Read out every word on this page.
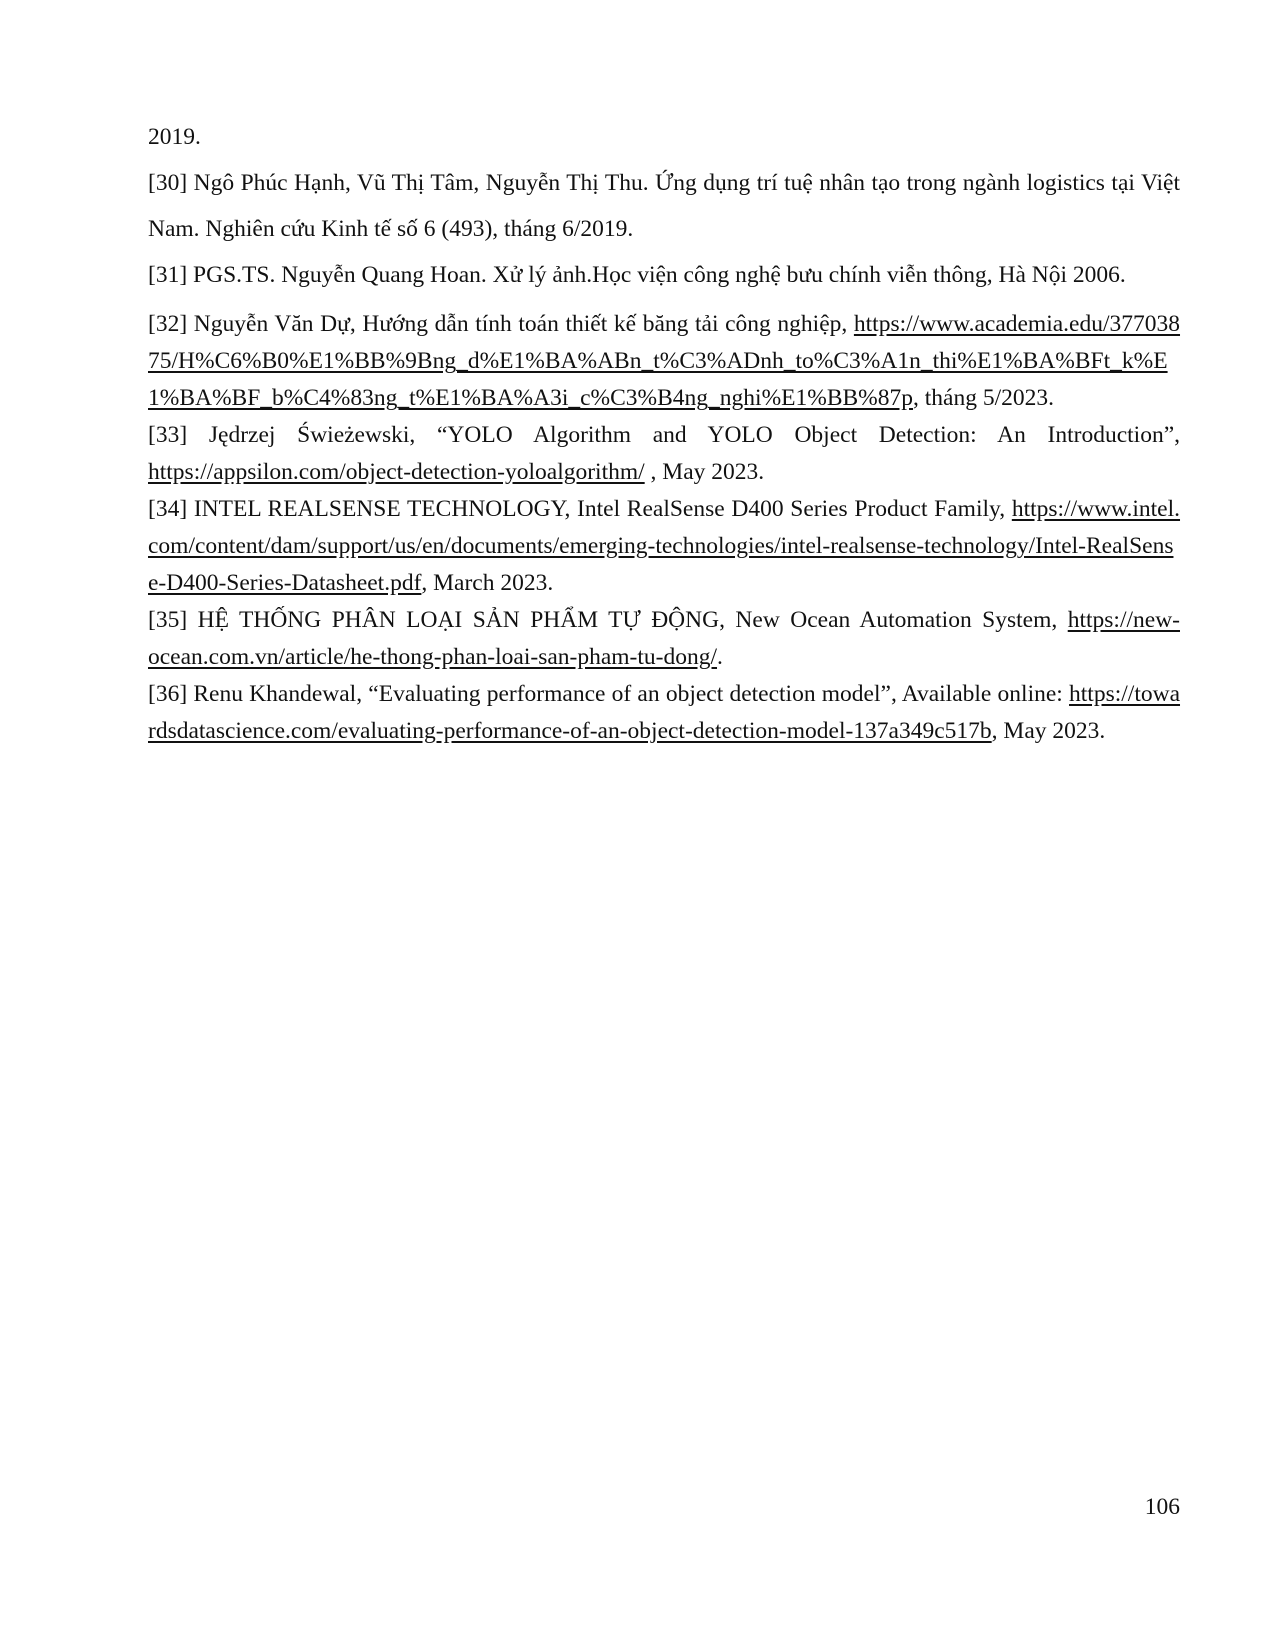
2019.

[30] Ngô Phúc Hạnh, Vũ Thị Tâm, Nguyễn Thị Thu. Ứng dụng trí tuệ nhân tạo trong ngành logistics tại Việt Nam. Nghiên cứu Kinh tế số 6 (493), tháng 6/2019.

[31] PGS.TS. Nguyễn Quang Hoan. Xử lý ảnh.Học viện công nghệ bưu chính viễn thông, Hà Nội 2006.

[32] Nguyễn Văn Dự, Hướng dẫn tính toán thiết kế băng tải công nghiệp, https://www.academia.edu/37703875/H%C6%B0%E1%BB%9Bng_d%E1%BA%ABn_t%C3%ADnh_to%C3%A1n_thi%E1%BA%BFt_k%E1%BA%BF_b%C4%83ng_t%E1%BA%A3i_c%C3%B4ng_nghi%E1%BB%87p, tháng 5/2023.

[33] Jędrzej Świeżewski, “YOLO Algorithm and YOLO Object Detection: An Introduction”, https://appsilon.com/object-detection-yoloalgorithm/ , May 2023.

[34] INTEL REALSENSE TECHNOLOGY, Intel RealSense D400 Series Product Family, https://www.intel.com/content/dam/support/us/en/documents/emerging-technologies/intel-realsense-technology/Intel-RealSense-D400-Series-Datasheet.pdf, March 2023.

[35] HỆ THỐNG PHÂN LOẠI SẢN PHẨM TỰ ĐỘNG, New Ocean Automation System, https://new-ocean.com.vn/article/he-thong-phan-loai-san-pham-tu-dong/.

[36] Renu Khandewal, “Evaluating performance of an object detection model”, Available online: https://towardsdatascience.com/evaluating-performance-of-an-object-detection-model-137a349c517b, May 2023.

106
